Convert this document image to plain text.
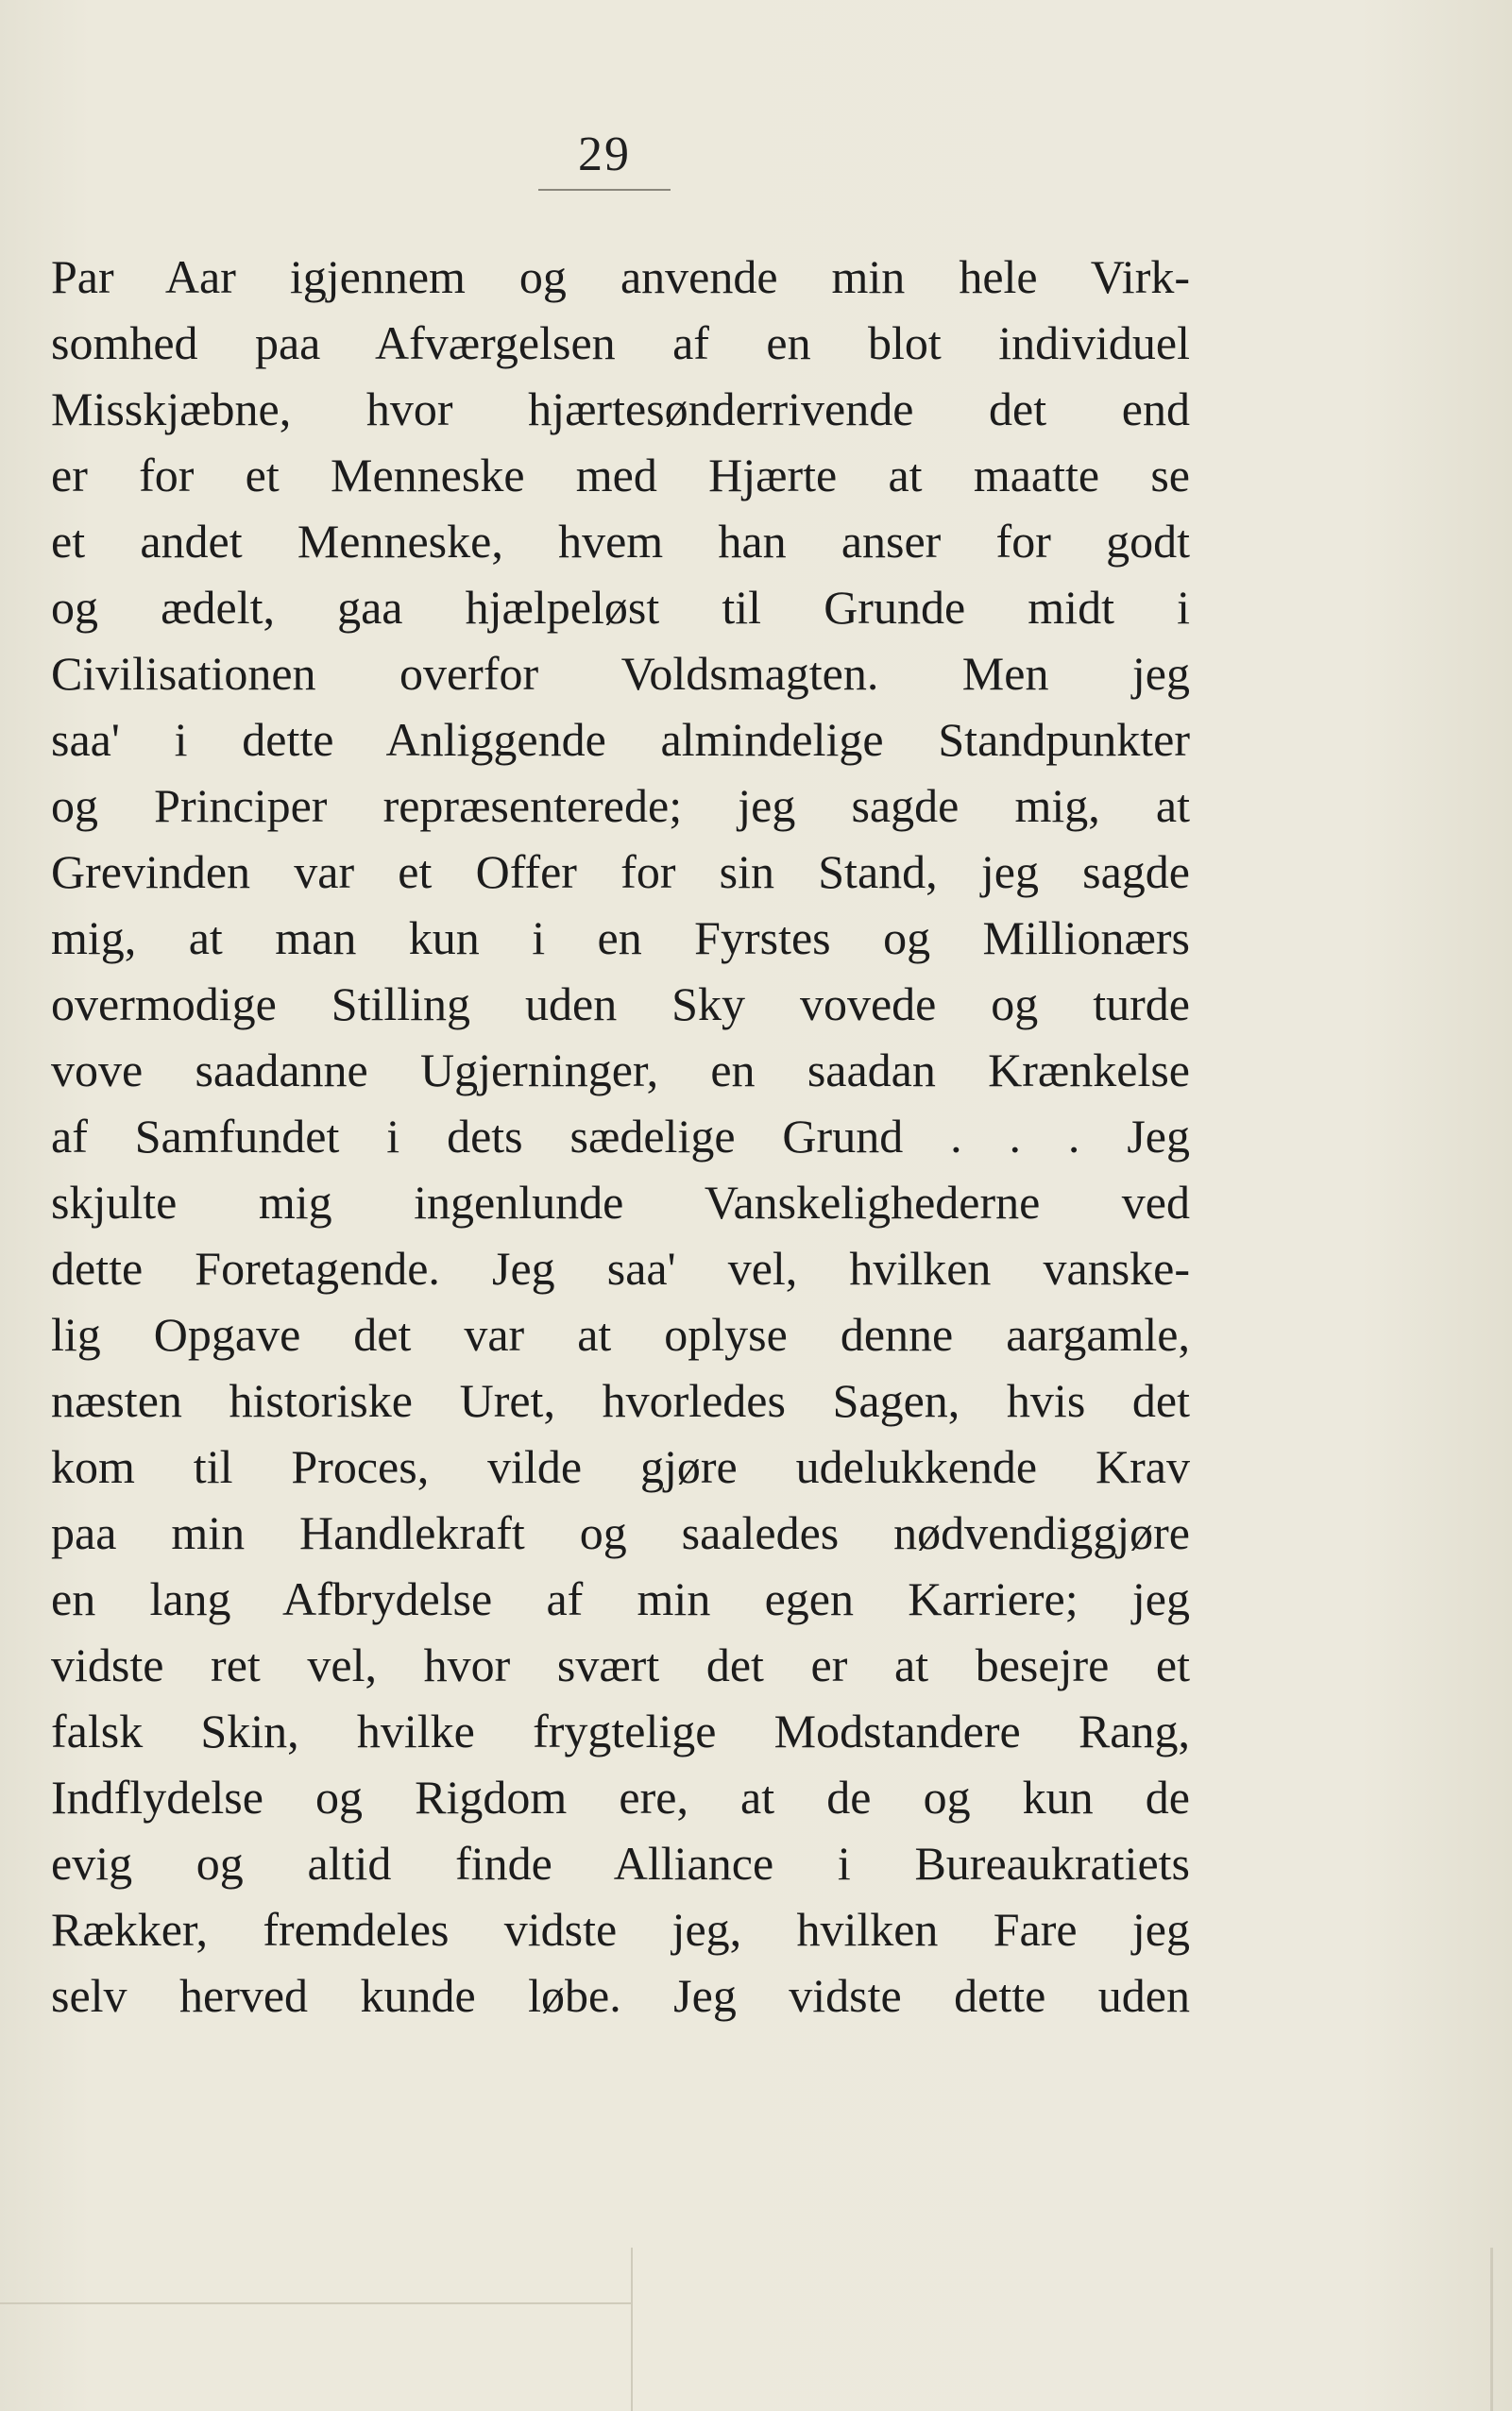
29
Par Aar igjennem og anvende min hele Virk-
somhed paa Afværgelsen af en blot individuel
Misskjæbne, hvor hjærtesønderrivende det end
er for et Menneske med Hjærte at maatte se
et andet Menneske, hvem han anser for godt
og ædelt, gaa hjælpeløst til Grunde midt i
Civilisationen overfor Voldsmagten. Men jeg
saa' i dette Anliggende almindelige Standpunkter
og Principer repræsenterede; jeg sagde mig, at
Grevinden var et Offer for sin Stand, jeg sagde
mig, at man kun i en Fyrstes og Millionærs
overmodige Stilling uden Sky vovede og turde
vove saadanne Ugjerninger, en saadan Krænkelse
af Samfundet i dets sædelige Grund . . . Jeg
skjulte mig ingenlunde Vanskelighederne ved
dette Foretagende. Jeg saa' vel, hvilken vanske-
lig Opgave det var at oplyse denne aargamle,
næsten historiske Uret, hvorledes Sagen, hvis det
kom til Proces, vilde gjøre udelukkende Krav
paa min Handlekraft og saaledes nødvendiggjøre
en lang Afbrydelse af min egen Karriere; jeg
vidste ret vel, hvor svært det er at besejre et
falsk Skin, hvilke frygtelige Modstandere Rang,
Indflydelse og Rigdom ere, at de og kun de
evig og altid finde Alliance i Bureaukratiets
Rækker, fremdeles vidste jeg, hvilken Fare jeg
selv herved kunde løbe. Jeg vidste dette uden
